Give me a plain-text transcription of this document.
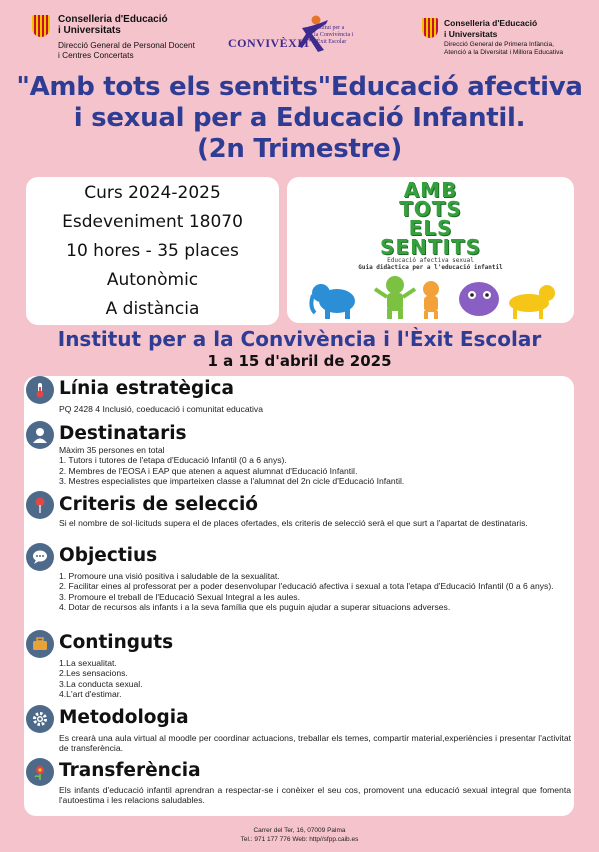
Conselleria d'Educació
i Universitats
Direcció General de Personal Docent
i Centres Concertats
CONVIVÈXIT
Institut per a
la Convivència i
l'Èxit Escolar
Conselleria d'Educació
i Universitats
Direcció General de Primera Infància,
Atenció a la Diversitat i Millora Educativa
"Amb tots els sentits"Educació afectiva
i sexual per a Educació Infantil.
(2n Trimestre)
Curs 2024-2025
Esdeveniment 18070
10 hores - 35 places
Autonòmic
A distància
AMB
TOTS
ELS
SENTITS
Educació afectiva sexual
Guia didàctica per a l'educació infantil
Institut per a la Convivència i l'Èxit Escolar
1 a 15 d'abril de 2025
Línia estratègica
PQ 2428 4 Inclusió, coeducació i comunitat educativa
Destinataris
Màxim 35 persones en total
1. Tutors i tutores de l'etapa d'Educació Infantil (0 a 6 anys).
2. Membres de l'EOSA i EAP que atenen a aquest alumnat d'Educació Infantil.
3. Mestres especialistes que imparteixen classe a l'alumnat del 2n cicle d'Educació Infantil.
Criteris de selecció
Si el nombre de sol·licituds supera el de places ofertades, els criteris de selecció serà el que surt a l'apartat de destinataris.
Objectius
1. Promoure una visió positiva i saludable de la sexualitat.
2. Facilitar eines al professorat per a poder desenvolupar l'educació afectiva i sexual a tota l'etapa d'Educació Infantil (0 a 6 anys).
3. Promoure el treball de l'Educació Sexual Integral a les aules.
4. Dotar de recursos als infants i a la seva família que els puguin ajudar a superar situacions adverses.
Continguts
1.La sexualitat.
2.Les sensacions.
3.La conducta sexual.
4.L'art d'estimar.
Metodologia
Es crearà una aula virtual al moodle per coordinar actuacions, treballar els temes, compartir material,experiències i presentar l'activitat de transferència.
Transferència
Els infants d'educació infantil aprendran a respectar-se i conèixer el seu cos, promovent una educació sexual integral que fomenta l'autoestima i les relacions saludables.
Carrer del Ter, 16, 07009 Palma
Tel.: 971 177 776 Web: http//sfpp.caib.es
